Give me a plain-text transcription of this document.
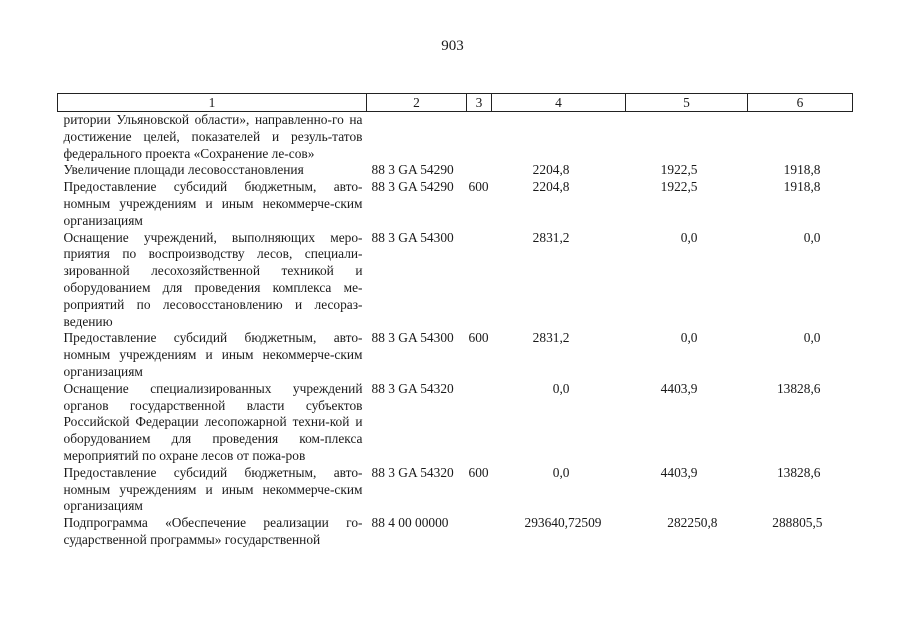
903
1	2	3	4	5	6
ритории Ульяновской области», направленно-го на достижение целей, показателей и резуль-татов федерального проекта «Сохранение ле-сов»					
Увеличение площади лесовосстановления	88 3 GA 54290		2204,8	1922,5	1918,8
Предоставление субсидий бюджетным, авто-номным учреждениям и иным некоммерче-ским организациям	88 3 GA 54290	600	2204,8	1922,5	1918,8
Оснащение учреждений, выполняющих меро-приятия по воспроизводству лесов, специали-зированной лесохозяйственной техникой и оборудованием для проведения комплекса ме-роприятий по лесовосстановлению и лесораз-ведению	88 3 GA 54300		2831,2	0,0	0,0
Предоставление субсидий бюджетным, авто-номным учреждениям и иным некоммерче-ским организациям	88 3 GA 54300	600	2831,2	0,0	0,0
Оснащение специализированных учреждений органов государственной власти субъектов Российской Федерации лесопожарной техни-кой и оборудованием для проведения ком-плекса мероприятий по охране лесов от пожа-ров	88 3 GA 54320		0,0	4403,9	13828,6
Предоставление субсидий бюджетным, авто-номным учреждениям и иным некоммерче-ским организациям	88 3 GA 54320	600	0,0	4403,9	13828,6
Подпрограмма «Обеспечение реализации го-сударственной программы» государственной	88 4 00 00000		293640,72509	282250,8	288805,5
